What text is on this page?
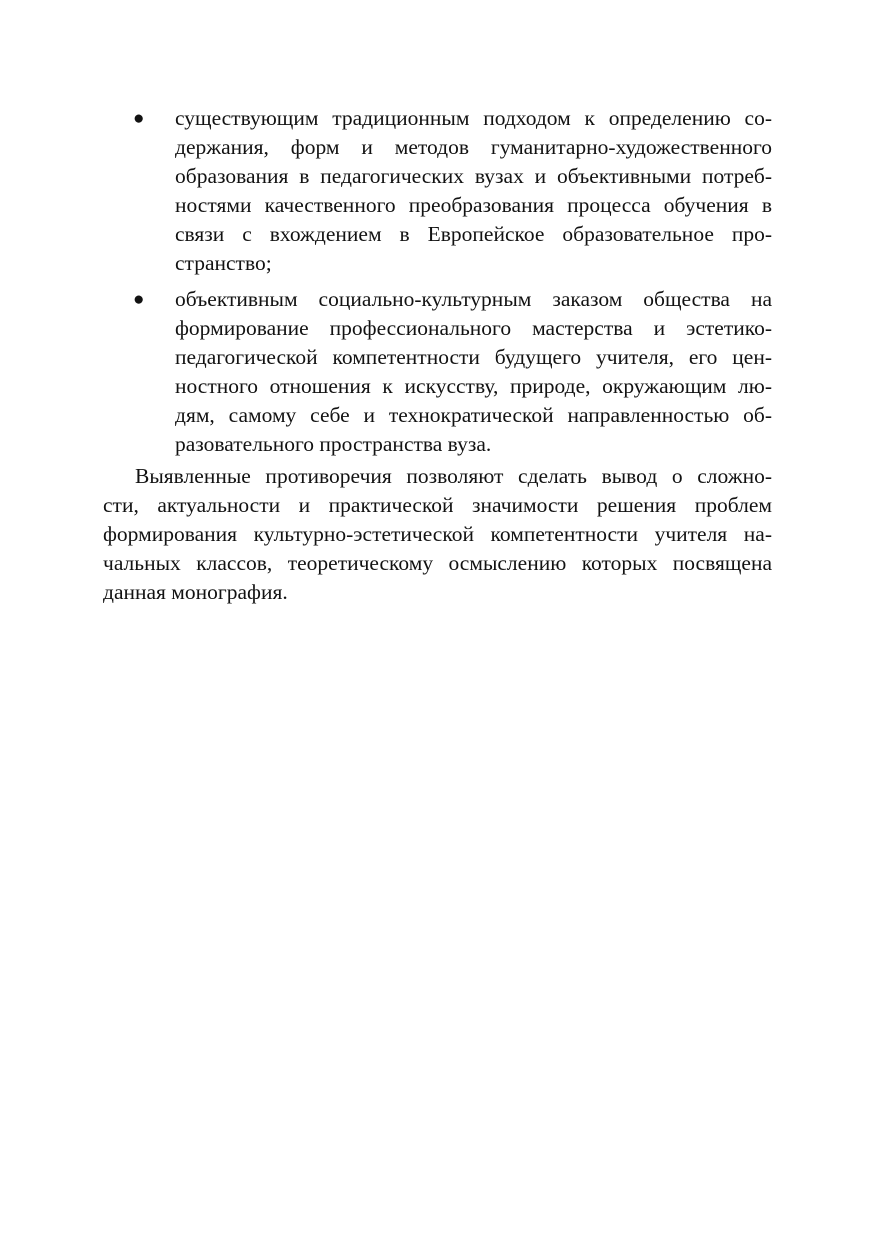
● существующим традиционным подходом к определению со-
держания, форм и методов гуманитарно-художественного
образования в педагогических вузах и объективными потреб-
ностями качественного преобразования процесса обучения в
связи с вхождением в Европейское образовательное про-
странство;
● объективным социально-культурным заказом общества на
формирование профессионального мастерства и эстетико-
педагогической компетентности будущего учителя, его цен-
ностного отношения к искусству, природе, окружающим лю-
дям, самому себе и технократической направленностью об-
разовательного пространства вуза.
Выявленные противоречия позволяют сделать вывод о сложно-
сти, актуальности и практической значимости решения проблем
формирования культурно-эстетической компетентности учителя на-
чальных классов, теоретическому осмыслению которых посвящена
данная монография.
